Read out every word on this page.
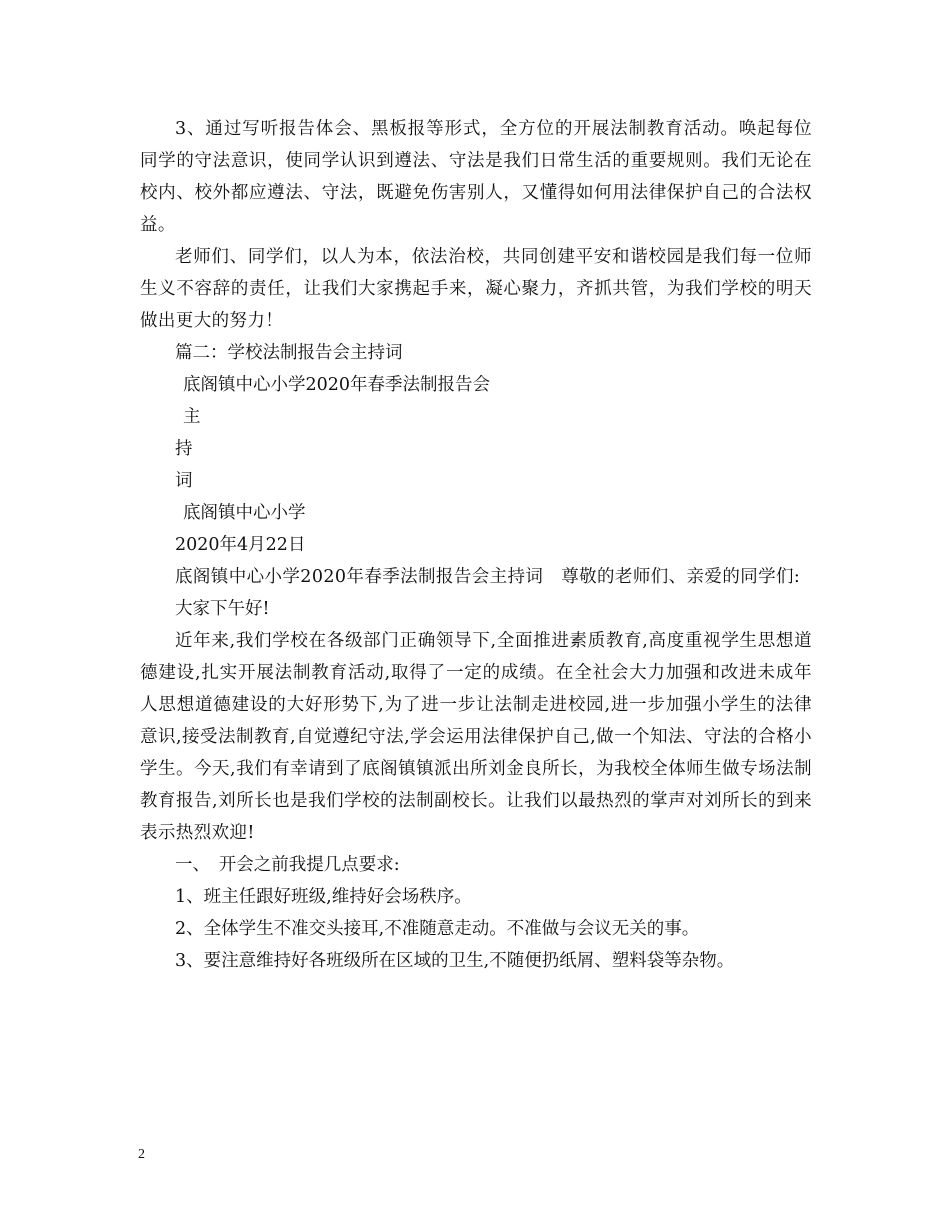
3、通过写听报告体会、黑板报等形式，全方位的开展法制教育活动。唤起每位同学的守法意识，使同学认识到遵法、守法是我们日常生活的重要规则。我们无论在校内、校外都应遵法、守法，既避免伤害别人，又懂得如何用法律保护自己的合法权益。

老师们、同学们，以人为本，依法治校，共同创建平安和谐校园是我们每一位师生义不容辞的责任，让我们大家携起手来，凝心聚力，齐抓共管，为我们学校的明天做出更大的努力！

篇二：学校法制报告会主持词

底阁镇中心小学2020年春季法制报告会

主

持

词

底阁镇中心小学

2020年4月22日

底阁镇中心小学2020年春季法制报告会主持词　尊敬的老师们、亲爱的同学们:

大家下午好!

近年来,我们学校在各级部门正确领导下,全面推进素质教育,高度重视学生思想道德建设,扎实开展法制教育活动,取得了一定的成绩。在全社会大力加强和改进未成年人思想道德建设的大好形势下,为了进一步让法制走进校园,进一步加强小学生的法律意识,接受法制教育,自觉遵纪守法,学会运用法律保护自己,做一个知法、守法的合格小学生。今天,我们有幸请到了底阁镇镇派出所刘金良所长，为我校全体师生做专场法制教育报告,刘所长也是我们学校的法制副校长。让我们以最热烈的掌声对刘所长的到来表示热烈欢迎!

一、　开会之前我提几点要求:

1、班主任跟好班级,维持好会场秩序。

2、全体学生不准交头接耳,不准随意走动。不准做与会议无关的事。

3、要注意维持好各班级所在区域的卫生,不随便扔纸屑、塑料袋等杂物。

2
